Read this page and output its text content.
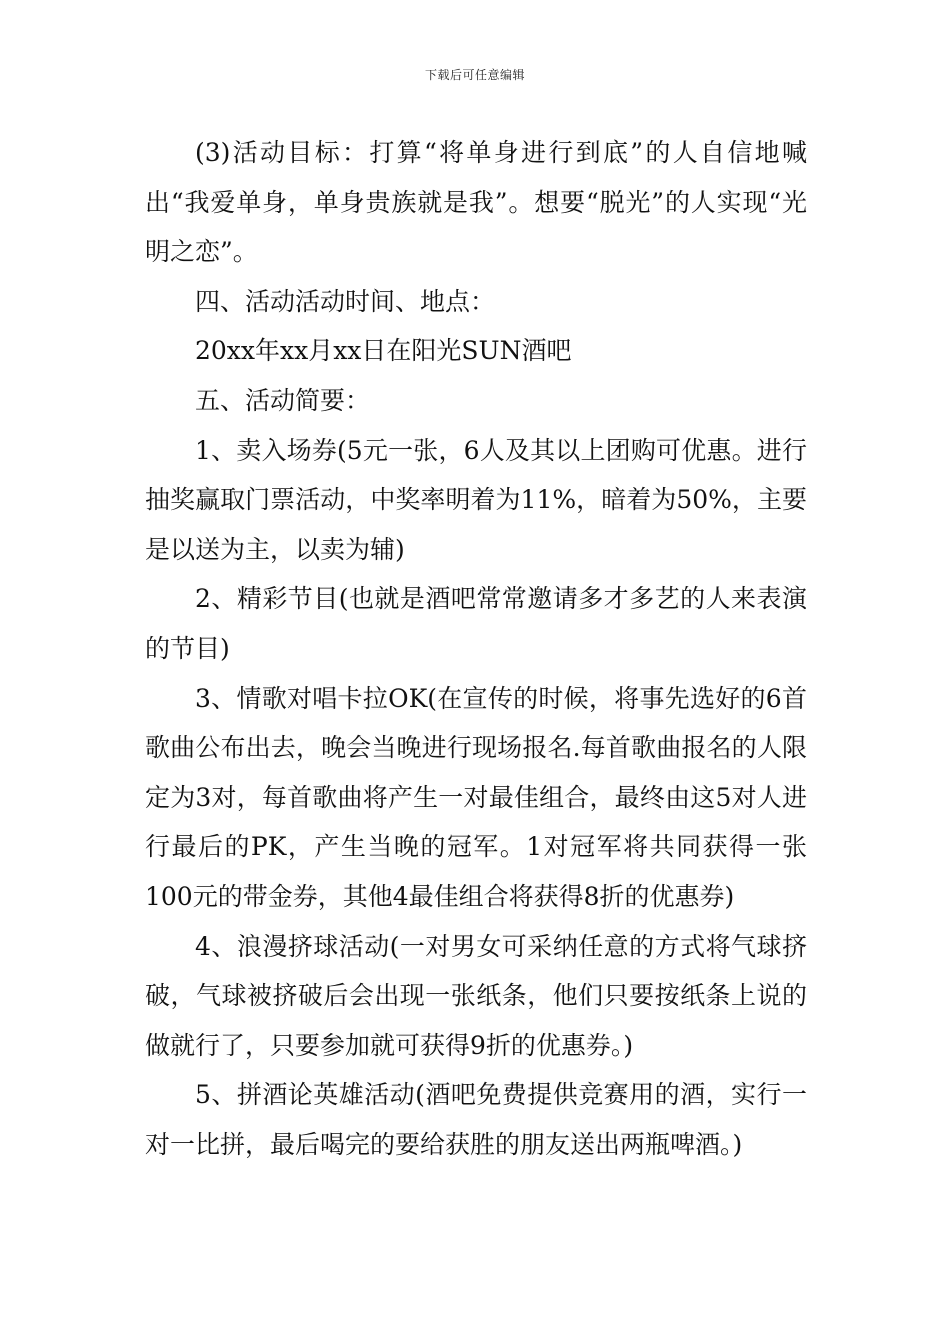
下载后可任意编辑

(3)活动目标：打算“将单身进行到底”的人自信地喊出“我爱单身，单身贵族就是我”。想要“脱光”的人实现“光明之恋”。

四、活动活动时间、地点：

20xx年xx月xx日在阳光SUN酒吧

五、活动简要：

1、卖入场券(5元一张，6人及其以上团购可优惠。进行抽奖赢取门票活动，中奖率明着为11%，暗着为50%，主要是以送为主，以卖为辅)

2、精彩节目(也就是酒吧常常邀请多才多艺的人来表演的节目)

3、情歌对唱卡拉OK(在宣传的时候，将事先选好的6首歌曲公布出去，晚会当晚进行现场报名.每首歌曲报名的人限定为3对，每首歌曲将产生一对最佳组合，最终由这5对人进行最后的PK，产生当晚的冠军。1对冠军将共同获得一张100元的带金券，其他4最佳组合将获得8折的优惠券)

4、浪漫挤球活动(一对男女可采纳任意的方式将气球挤破，气球被挤破后会出现一张纸条，他们只要按纸条上说的做就行了，只要参加就可获得9折的优惠券。)

5、拼酒论英雄活动(酒吧免费提供竞赛用的酒，实行一对一比拼，最后喝完的要给获胜的朋友送出两瓶啤酒。)
